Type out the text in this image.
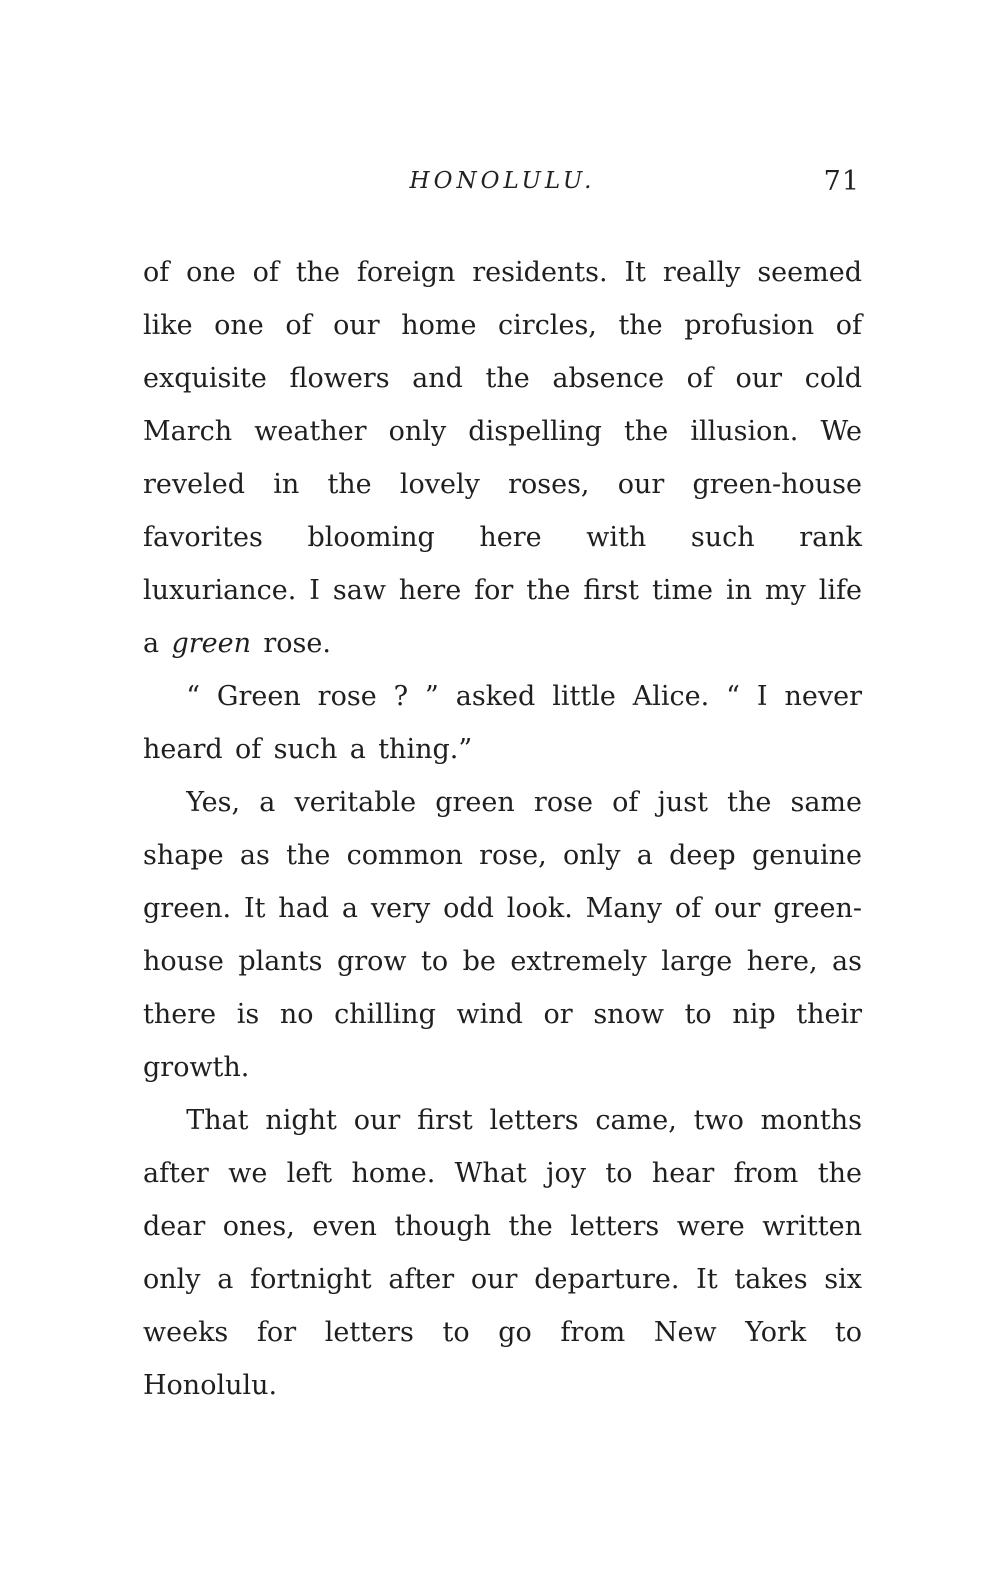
HONOLULU.	71

of one of the foreign residents. It really seemed like one of our home circles, the profusion of exquisite flowers and the absence of our cold March weather only dispelling the illusion. We reveled in the lovely roses, our green-house favorites blooming here with such rank luxuriance. I saw here for the first time in my life a green rose.

“ Green rose ? ” asked little Alice. “ I never heard of such a thing.”

Yes, a veritable green rose of just the same shape as the common rose, only a deep genuine green. It had a very odd look. Many of our green-house plants grow to be extremely large here, as there is no chilling wind or snow to nip their growth.

That night our first letters came, two months after we left home. What joy to hear from the dear ones, even though the letters were written only a fortnight after our departure. It takes six weeks for letters to go from New York to Honolulu.
